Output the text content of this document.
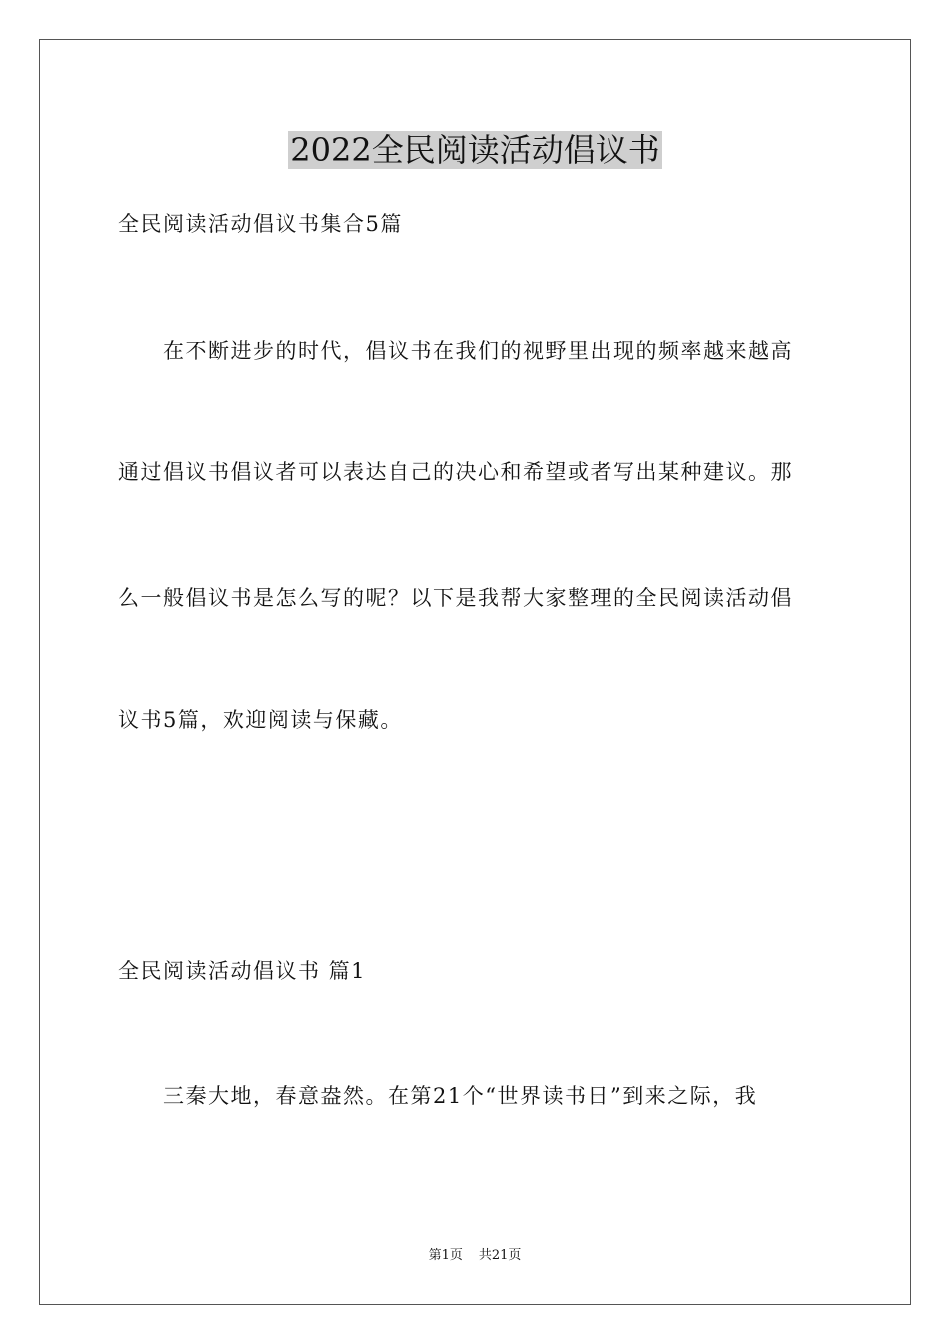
2022全民阅读活动倡议书
全民阅读活动倡议书集合5篇
　　在不断进步的时代，倡议书在我们的视野里出现的频率越来越高
通过倡议书倡议者可以表达自己的决心和希望或者写出某种建议。那
么一般倡议书是怎么写的呢？以下是我帮大家整理的全民阅读活动倡
议书5篇，欢迎阅读与保藏。
全民阅读活动倡议书 篇1
　　三秦大地，春意盎然。在第21个“世界读书日”到来之际，我
第1页 共21页
